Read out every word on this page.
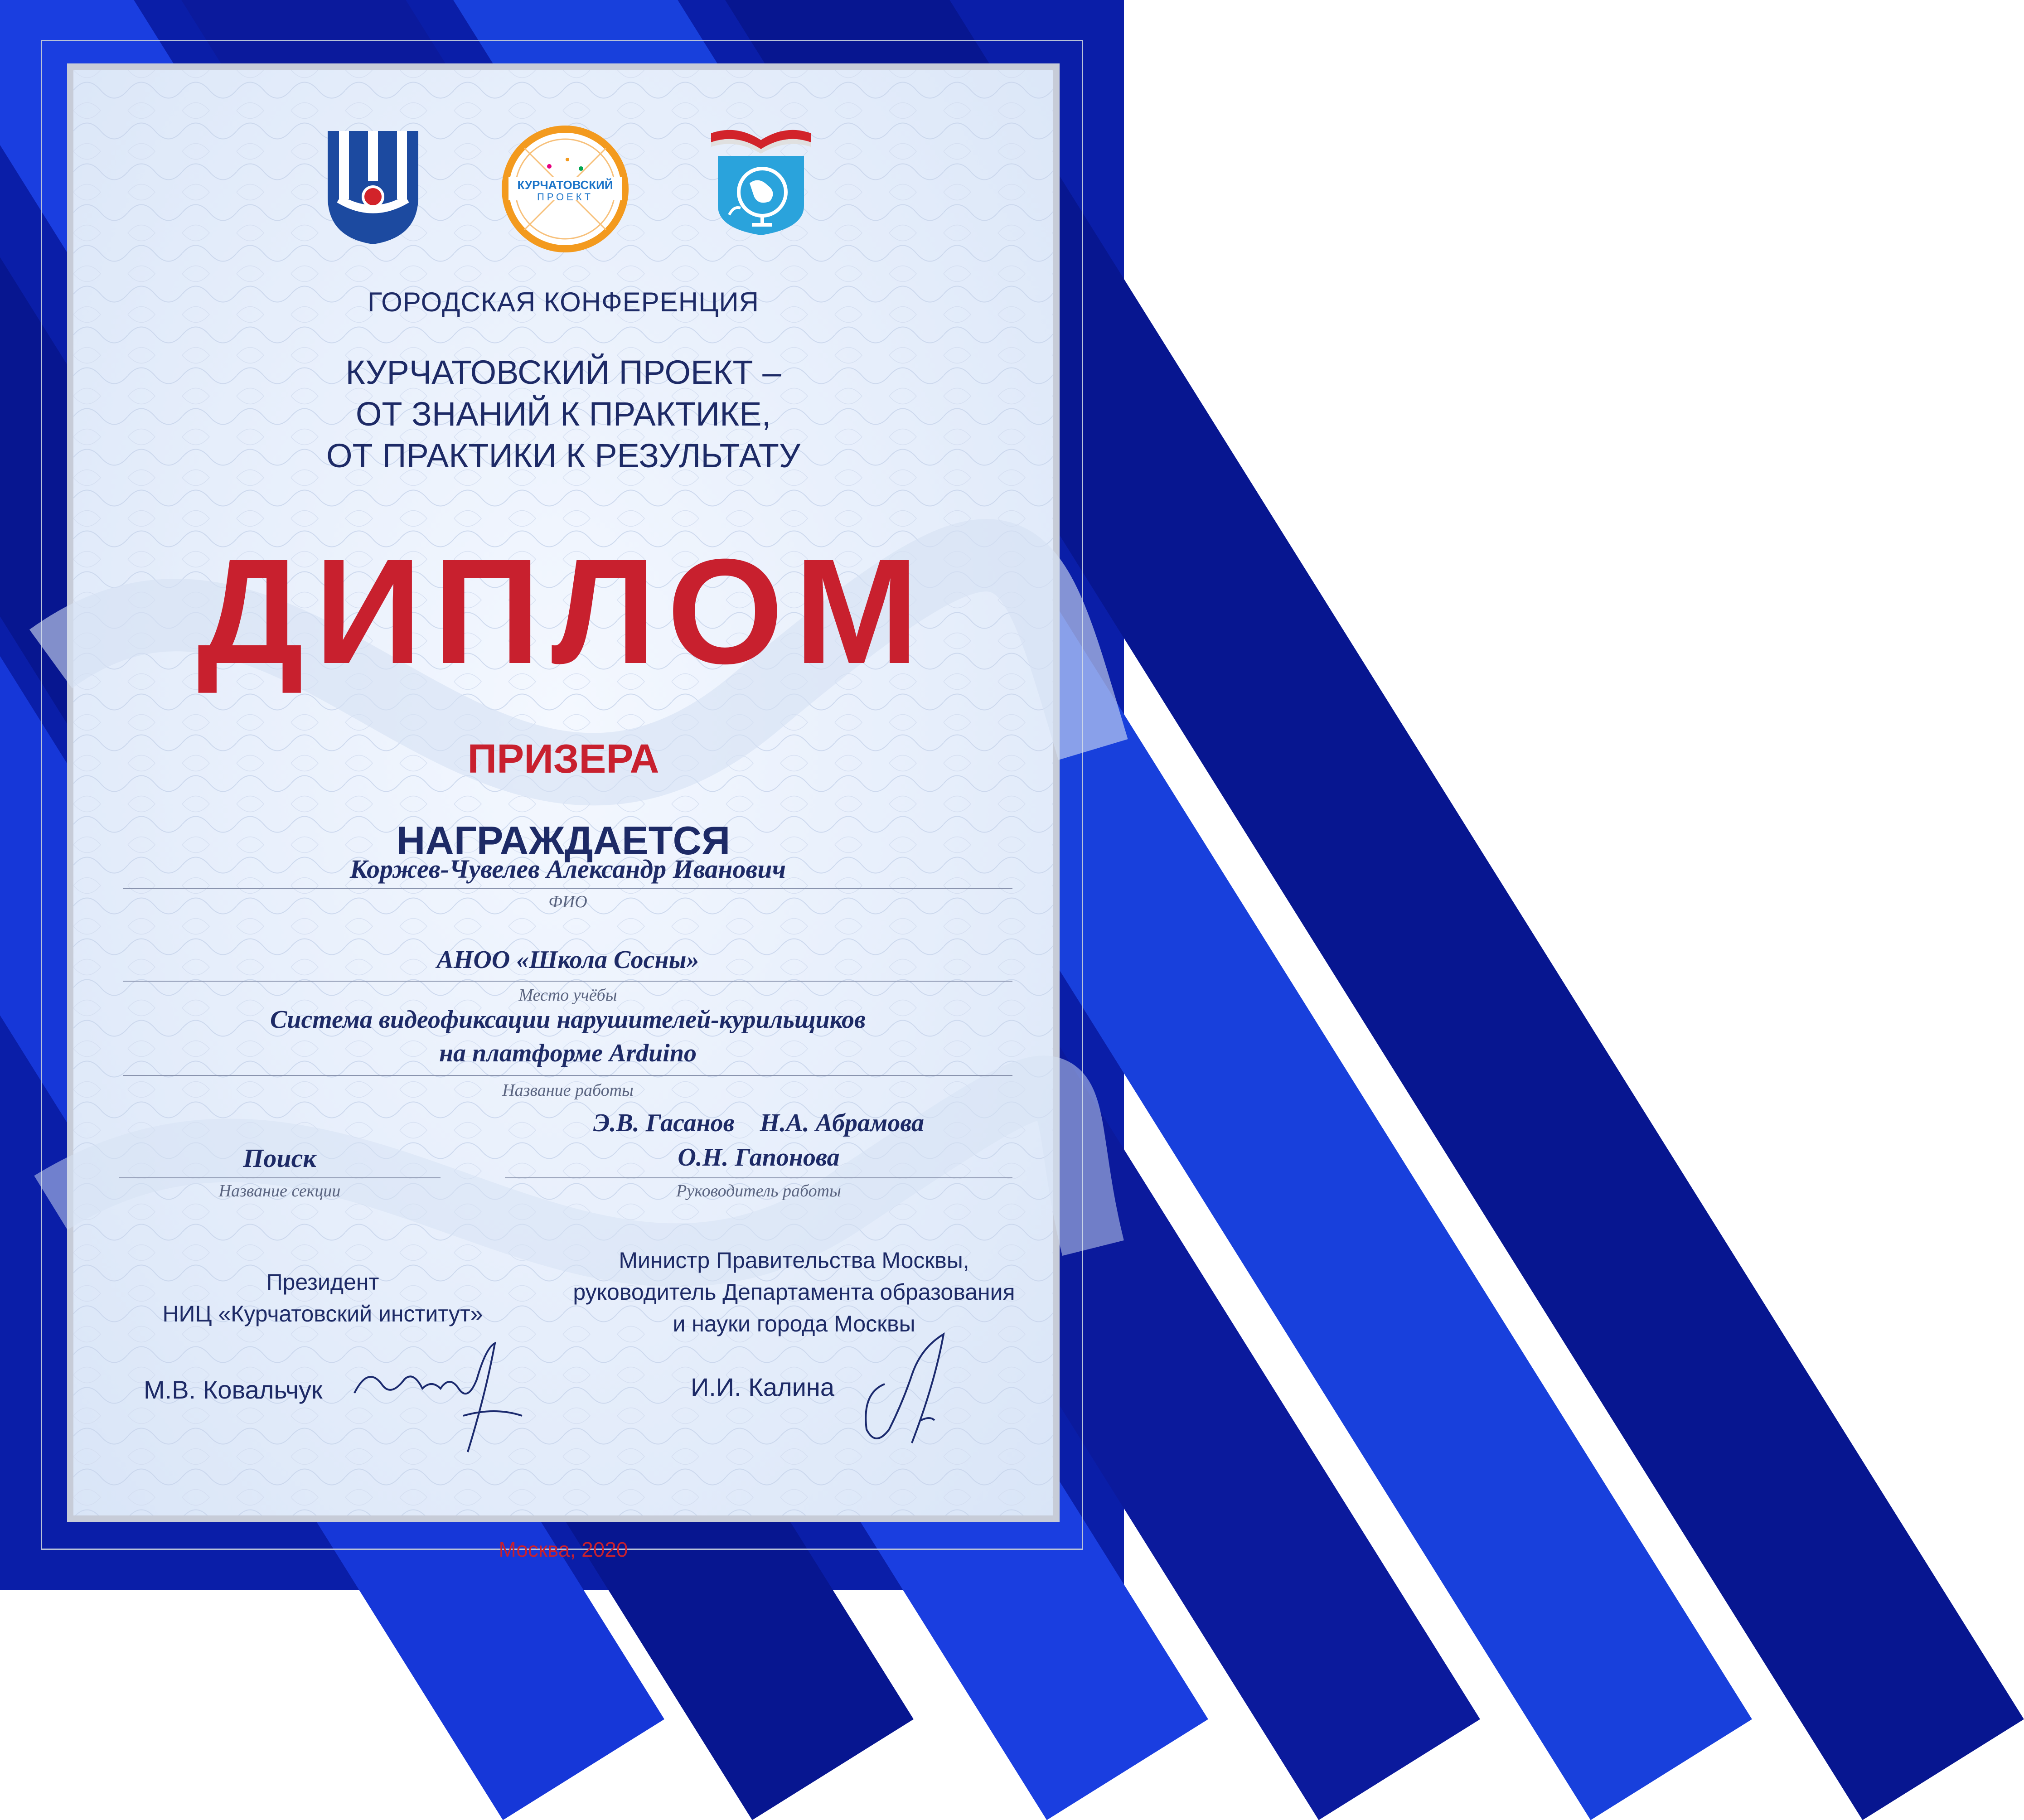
КУРЧАТОВСКИЙ
ПРОЕКТ
ГОРОДСКАЯ КОНФЕРЕНЦИЯ
КУРЧАТОВСКИЙ ПРОЕКТ –
ОТ ЗНАНИЙ К ПРАКТИКЕ,
ОТ ПРАКТИКИ К РЕЗУЛЬТАТУ
ДИПЛОМ
ПРИЗЕРА
НАГРАЖДАЕТСЯ
Коржев-Чувелев Александр Иванович
ФИО
АНОО «Школа Сосны»
Место учёбы
Система видеофиксации нарушителей-курильщиков
на платформе Arduino
Название работы
Э.В. Гасанов    Н.А. Абрамова
О.Н. Гапонова
Руководитель работы
Поиск
Название секции
Президент
НИЦ «Курчатовский институт»
М.В. Ковальчук
Министр Правительства Москвы,
руководитель Департамента образования
и науки города Москвы
И.И. Калина
Москва, 2020
